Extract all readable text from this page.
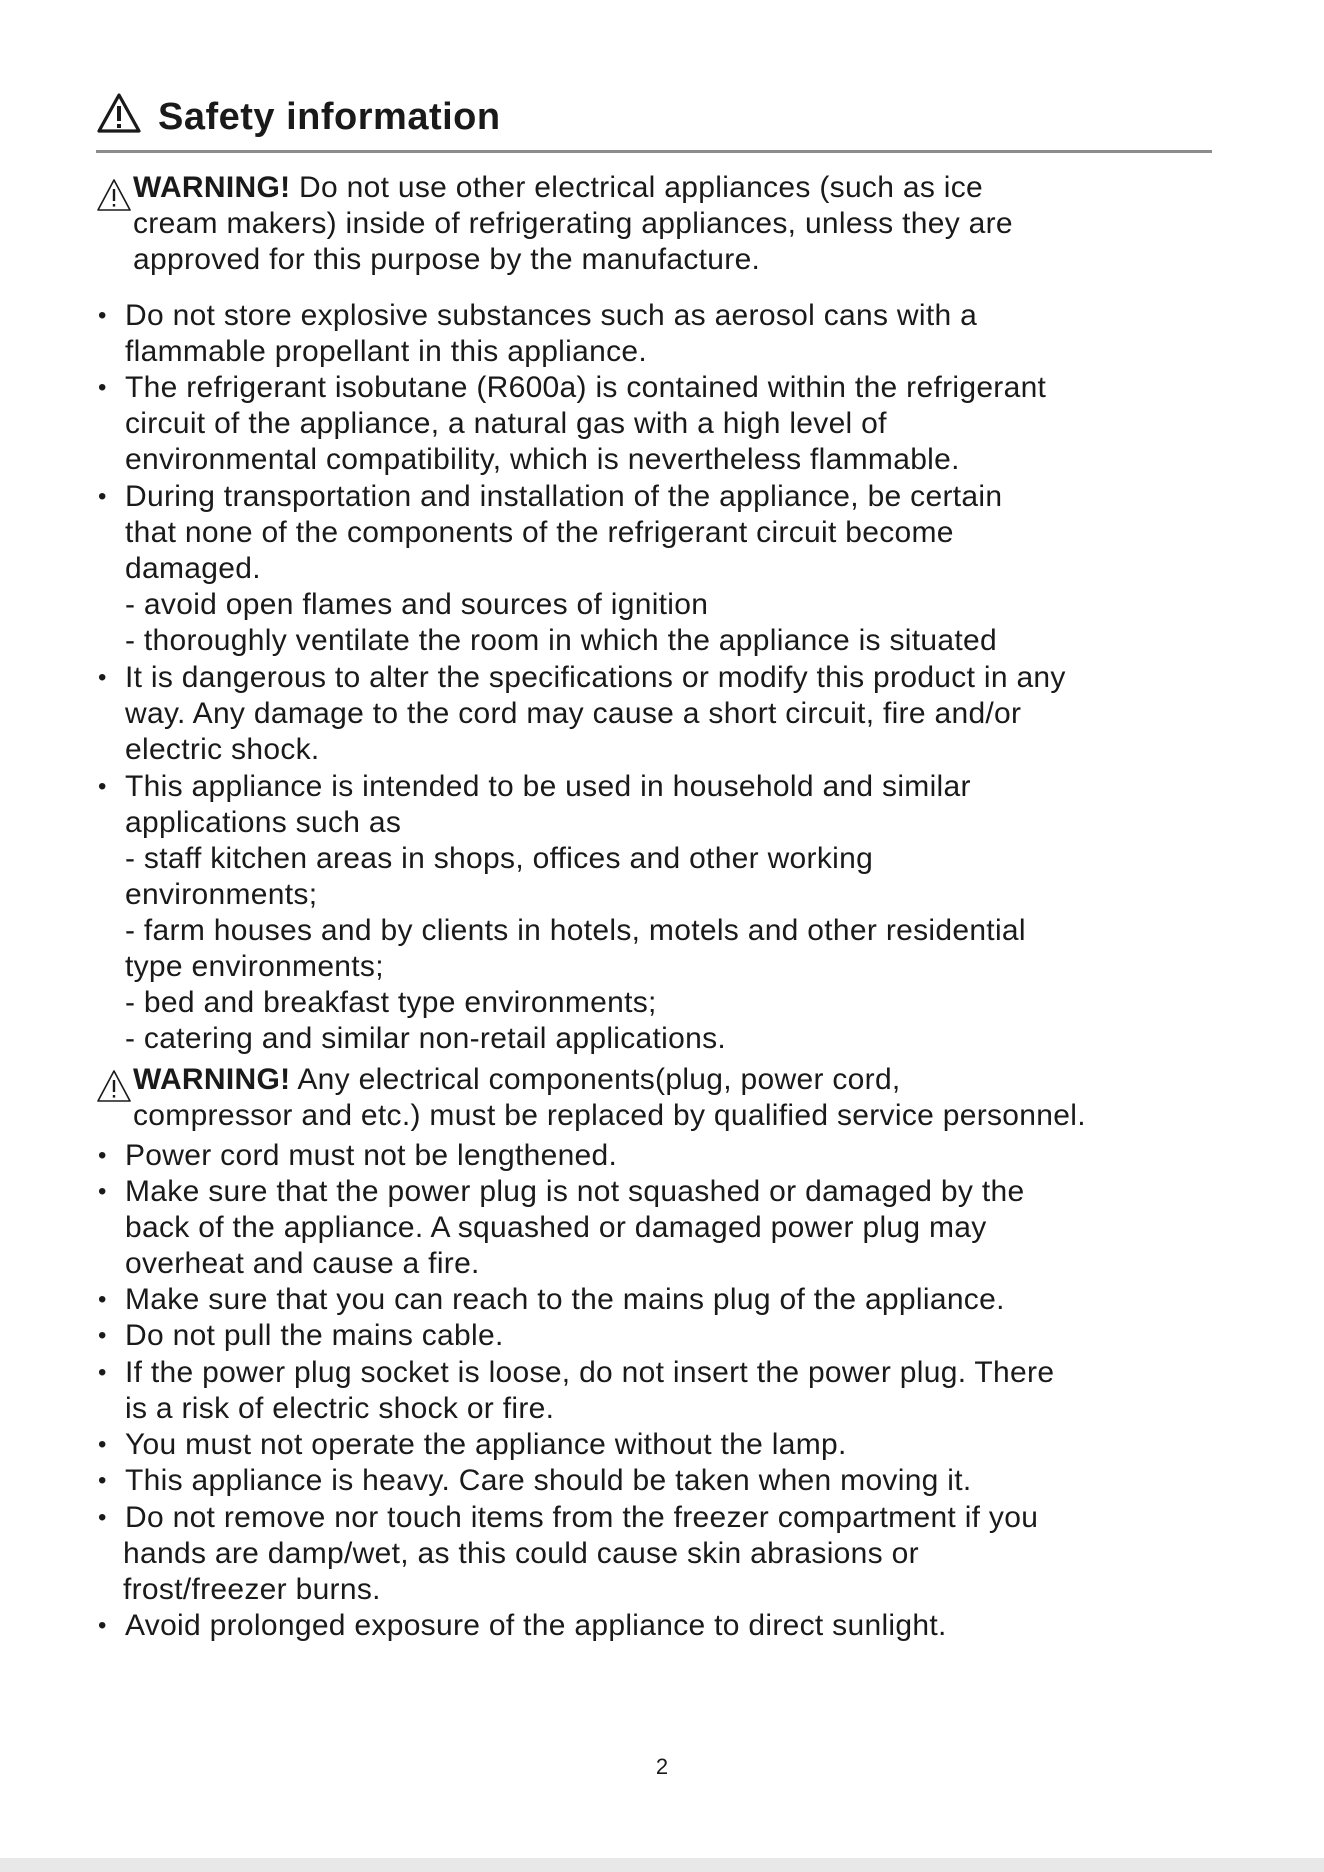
Safety information
WARNING! Do not use other electrical appliances (such as ice
cream makers) inside of refrigerating appliances, unless they are
approved for this purpose by the manufacture.
• Do not store explosive substances such as aerosol cans with a
flammable propellant in this appliance.
• The refrigerant isobutane (R600a) is contained within the refrigerant
circuit of the appliance, a natural gas with a high level of
environmental compatibility, which is nevertheless flammable.
• During transportation and installation of the appliance, be certain
that none of the components of the refrigerant circuit become
damaged.
- avoid open flames and sources of ignition
- thoroughly ventilate the room in which the appliance is situated
• It is dangerous to alter the specifications or modify this product in any
way. Any damage to the cord may cause a short circuit, fire and/or
electric shock.
• This appliance is intended to be used in household and similar
applications such as
- staff kitchen areas in shops, offices and other working
environments;
- farm houses and by clients in hotels, motels and other residential
type environments;
- bed and breakfast type environments;
- catering and similar non-retail applications.
WARNING! Any electrical components(plug, power cord,
compressor and etc.) must be replaced by qualified service personnel.
• Power cord must not be lengthened.
• Make sure that the power plug is not squashed or damaged by the
back of the appliance. A squashed or damaged power plug may
overheat and cause a fire.
• Make sure that you can reach to the mains plug of the appliance.
• Do not pull the mains cable.
• If the power plug socket is loose, do not insert the power plug. There
is a risk of electric shock or fire.
• You must not operate the appliance without the lamp.
• This appliance is heavy. Care should be taken when moving it.
• Do not remove nor touch items from the freezer compartment if you
hands are damp/wet, as this could cause skin abrasions or
frost/freezer burns.
• Avoid prolonged exposure of the appliance to direct sunlight.
2
